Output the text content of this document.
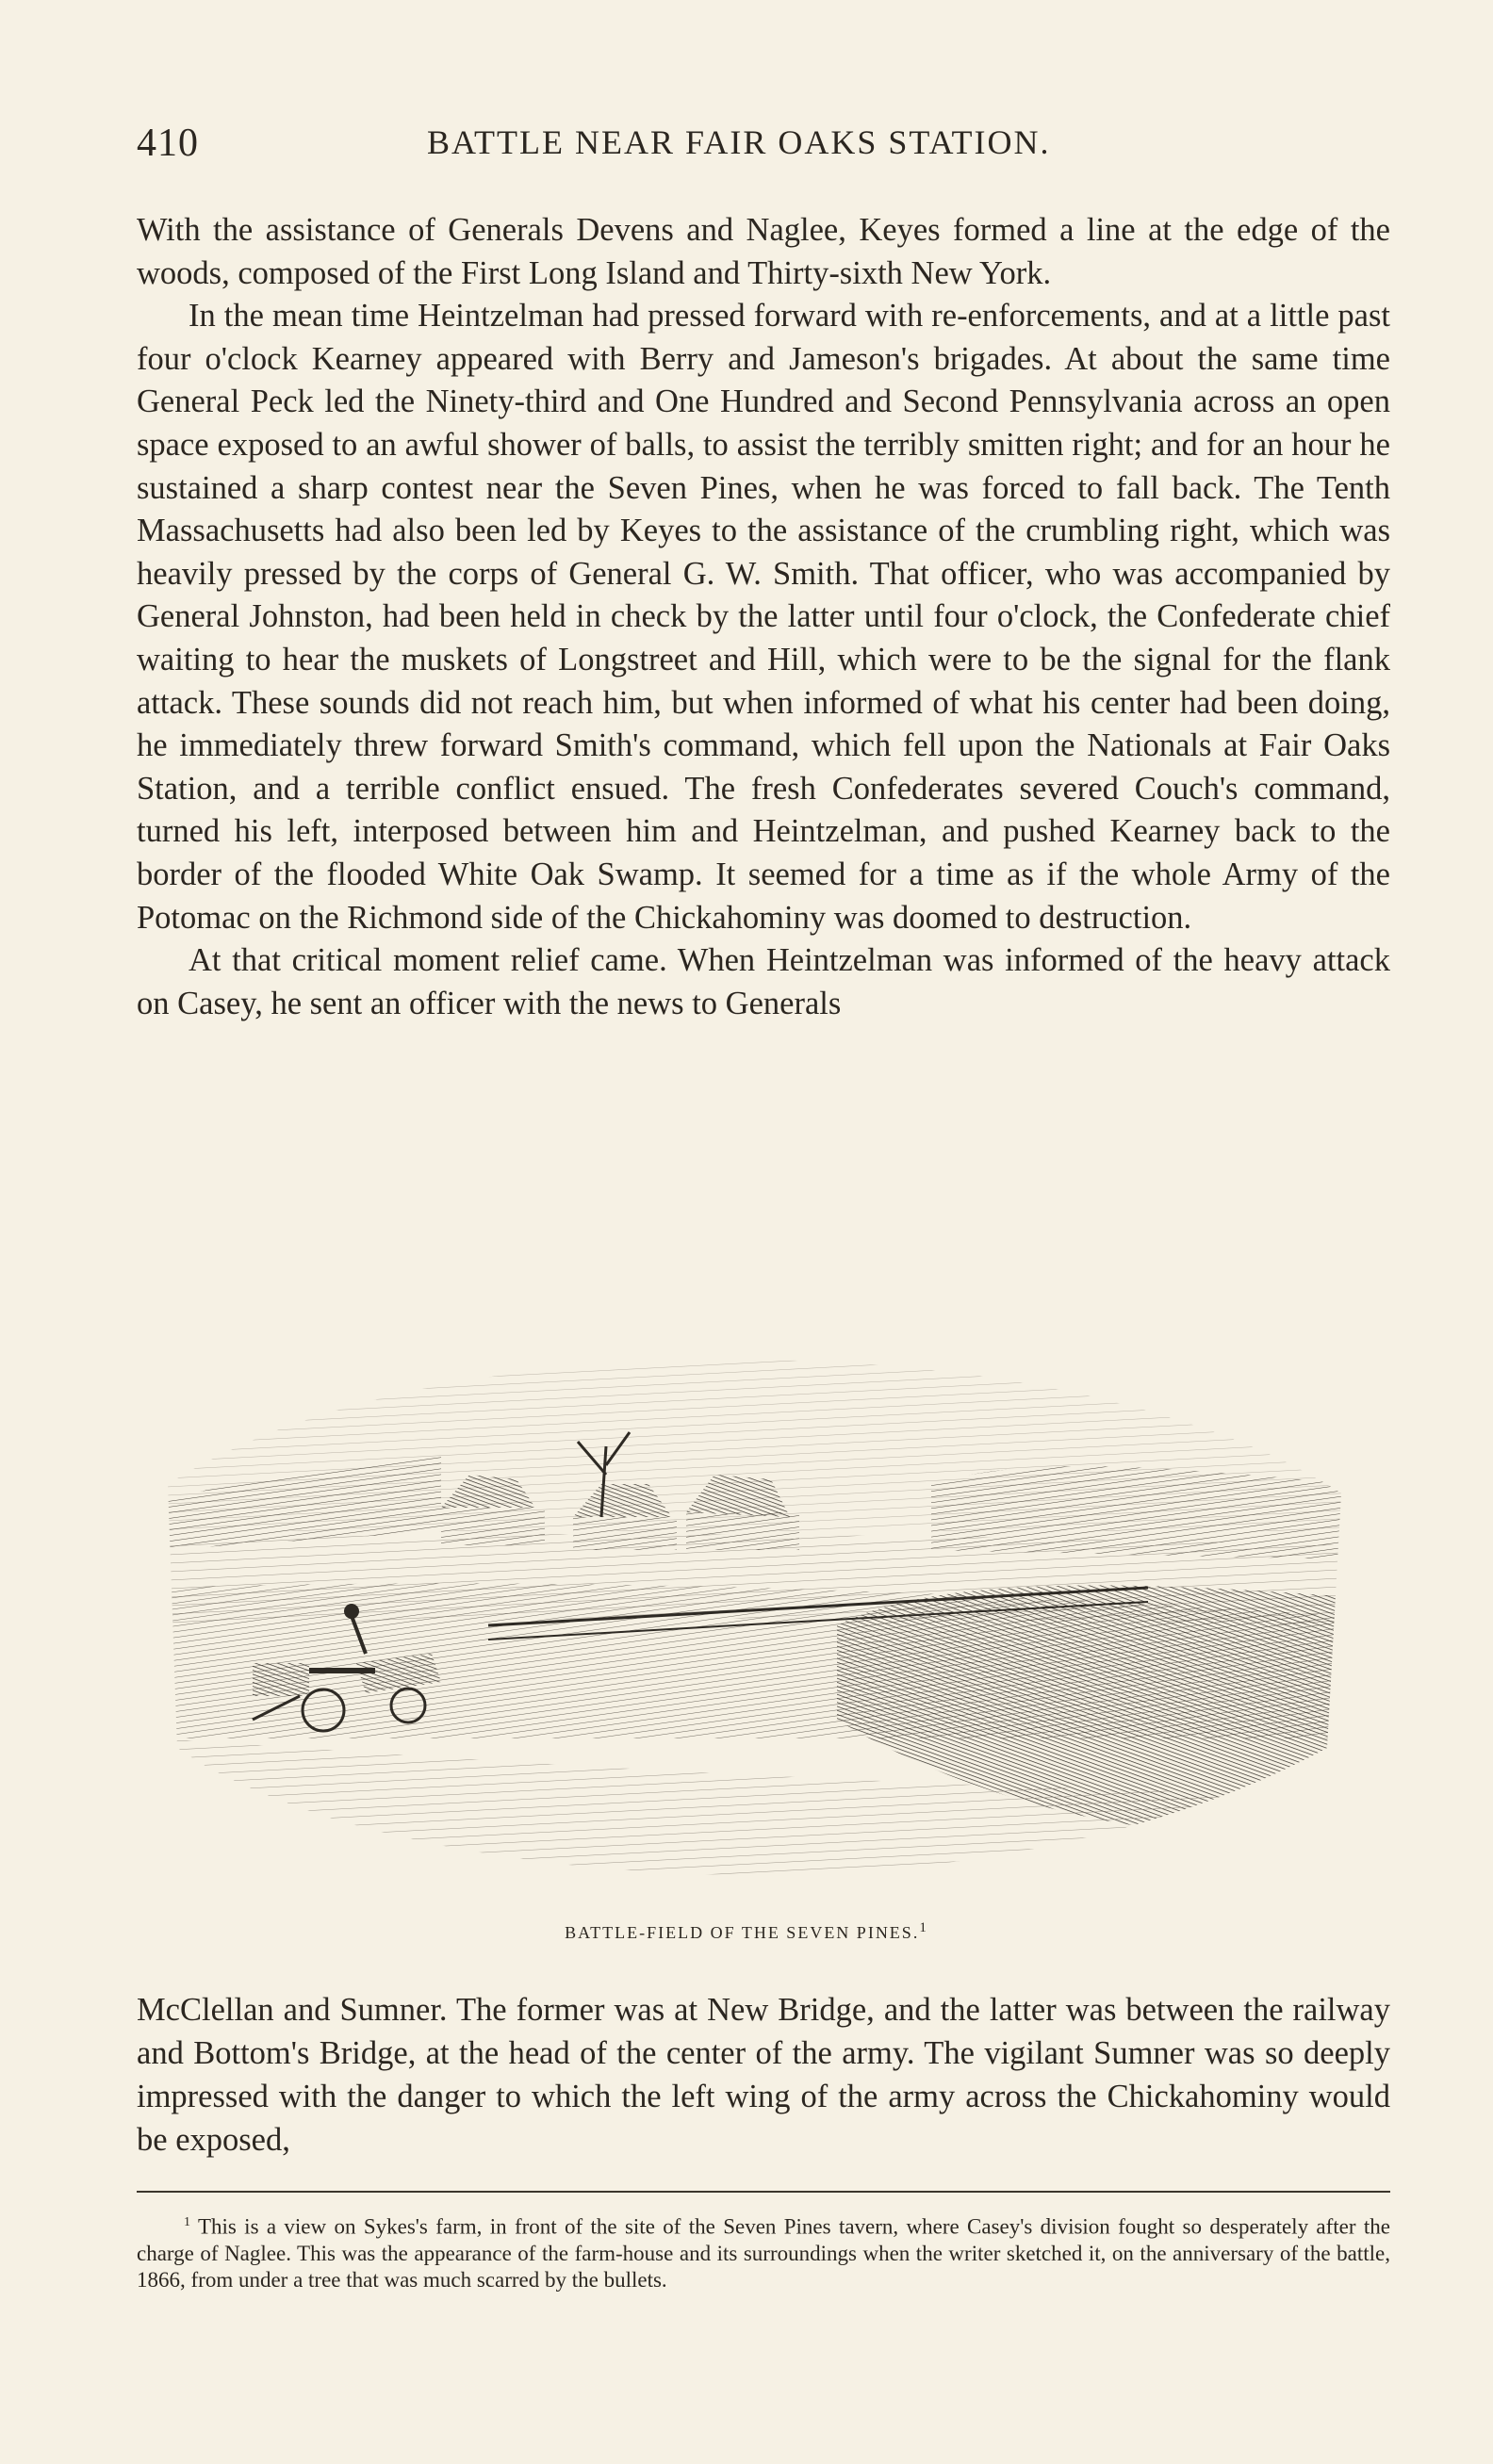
410	BATTLE NEAR FAIR OAKS STATION.

With the assistance of Generals Devens and Naglee, Keyes formed a line at the edge of the woods, composed of the First Long Island and Thirty-sixth New York.

In the mean time Heintzelman had pressed forward with re-enforcements, and at a little past four o'clock Kearney appeared with Berry and Jameson's brigades. At about the same time General Peck led the Ninety-third and One Hundred and Second Pennsylvania across an open space exposed to an awful shower of balls, to assist the terribly smitten right; and for an hour he sustained a sharp contest near the Seven Pines, when he was forced to fall back. The Tenth Massachusetts had also been led by Keyes to the assistance of the crumbling right, which was heavily pressed by the corps of General G. W. Smith. That officer, who was accompanied by General Johnston, had been held in check by the latter until four o'clock, the Confederate chief waiting to hear the muskets of Longstreet and Hill, which were to be the signal for the flank attack. These sounds did not reach him, but when informed of what his center had been doing, he immediately threw forward Smith's command, which fell upon the Nationals at Fair Oaks Station, and a terrible conflict ensued. The fresh Confederates severed Couch's command, turned his left, interposed between him and Heintzelman, and pushed Kearney back to the border of the flooded White Oak Swamp. It seemed for a time as if the whole Army of the Potomac on the Richmond side of the Chickahominy was doomed to destruction.

At that critical moment relief came. When Heintzelman was informed of the heavy attack on Casey, he sent an officer with the news to Generals

BATTLE-FIELD OF THE SEVEN PINES.$^1$

McClellan and Sumner. The former was at New Bridge, and the latter was between the railway and Bottom's Bridge, at the head of the center of the army. The vigilant Sumner was so deeply impressed with the danger to which the left wing of the army across the Chickahominy would be exposed,

$^1$ This is a view on Sykes's farm, in front of the site of the Seven Pines tavern, where Casey's division fought so desperately after the charge of Naglee. This was the appearance of the farm-house and its surroundings when the writer sketched it, on the anniversary of the battle, 1866, from under a tree that was much scarred by the bullets.
